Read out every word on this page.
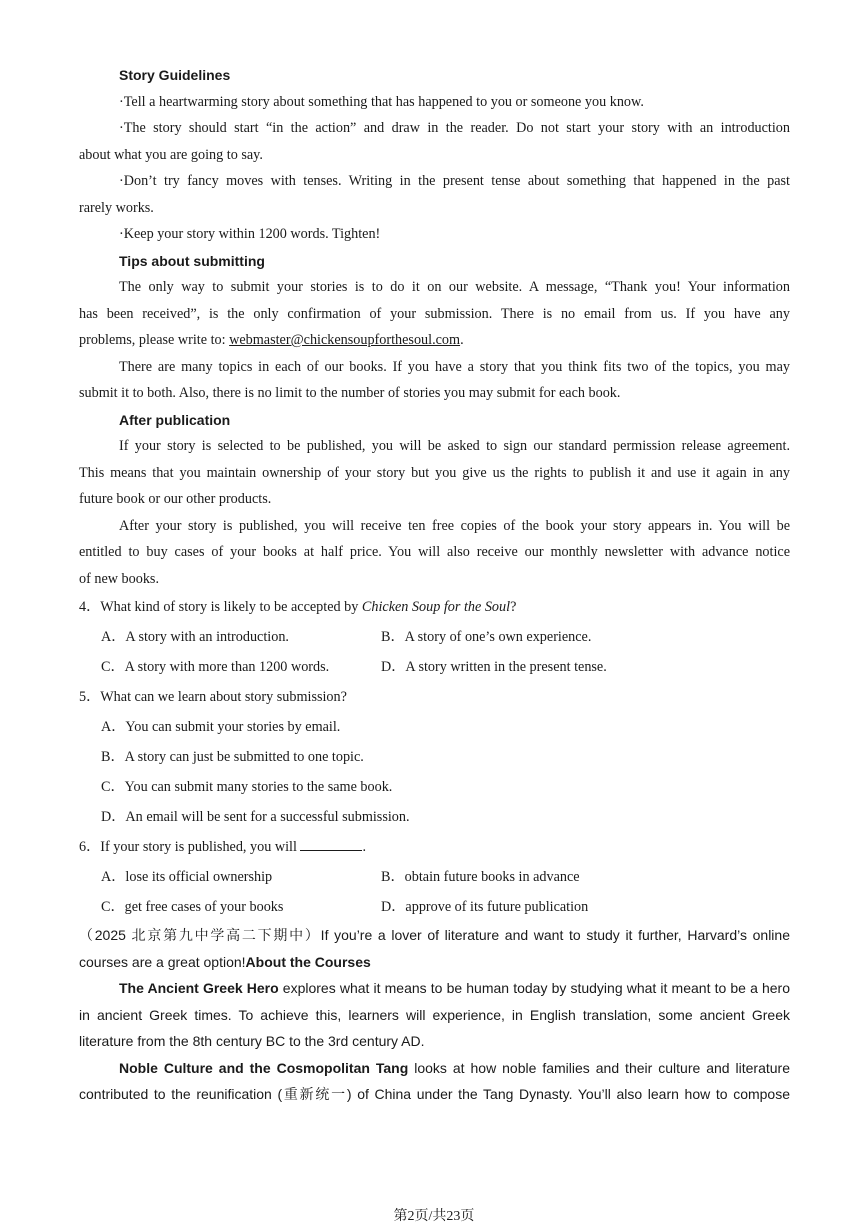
Story Guidelines
·Tell a heartwarming story about something that has happened to you or someone you know.
·The story should start “in the action” and draw in the reader. Do not start your story with an introduction
about what you are going to say.
·Don’t try fancy moves with tenses. Writing in the present tense about something that happened in the past
rarely works.
·Keep your story within 1200 words. Tighten!
Tips about submitting
The only way to submit your stories is to do it on our website. A message, “Thank you! Your information
has been received”, is the only confirmation of your submission. There is no email from us. If you have any
problems, please write to: webmaster@chickensoupforthesoul.com.
There are many topics in each of our books. If you have a story that you think fits two of the topics, you may
submit it to both. Also, there is no limit to the number of stories you may submit for each book.
After publication
If your story is selected to be published, you will be asked to sign our standard permission release agreement.
This means that you maintain ownership of your story but you give us the rights to publish it and use it again in any
future book or our other products.
After your story is published, you will receive ten free copies of the book your story appears in. You will be
entitled to buy cases of your books at half price. You will also receive our monthly newsletter with advance notice
of new books.
4．What kind of story is likely to be accepted by Chicken Soup for the Soul?
A．A story with an introduction.	B．A story of one’s own experience.
C．A story with more than 1200 words.	D．A story written in the present tense.
5．What can we learn about story submission?
A．You can submit your stories by email.
B．A story can just be submitted to one topic.
C．You can submit many stories to the same book.
D．An email will be sent for a successful submission.
6．If your story is published, you will	.
A．lose its official ownership	B．obtain future books in advance
C．get free cases of your books	D．approve of its future publication
（2025 北京第九中学高二下期中）If you’re a lover of literature and want to study it further, Harvard’s online
courses are a great option!About the Courses
The Ancient Greek Hero explores what it means to be human today by studying what it meant to be a hero
in ancient Greek times. To achieve this, learners will experience, in English translation, some ancient Greek
literature from the 8th century BC to the 3rd century AD.
Noble Culture and the Cosmopolitan Tang looks at how noble families and their culture and literature
contributed to the reunification (重新统一) of China under the Tang Dynasty. You’ll also learn how to compose
第2页/共23页
